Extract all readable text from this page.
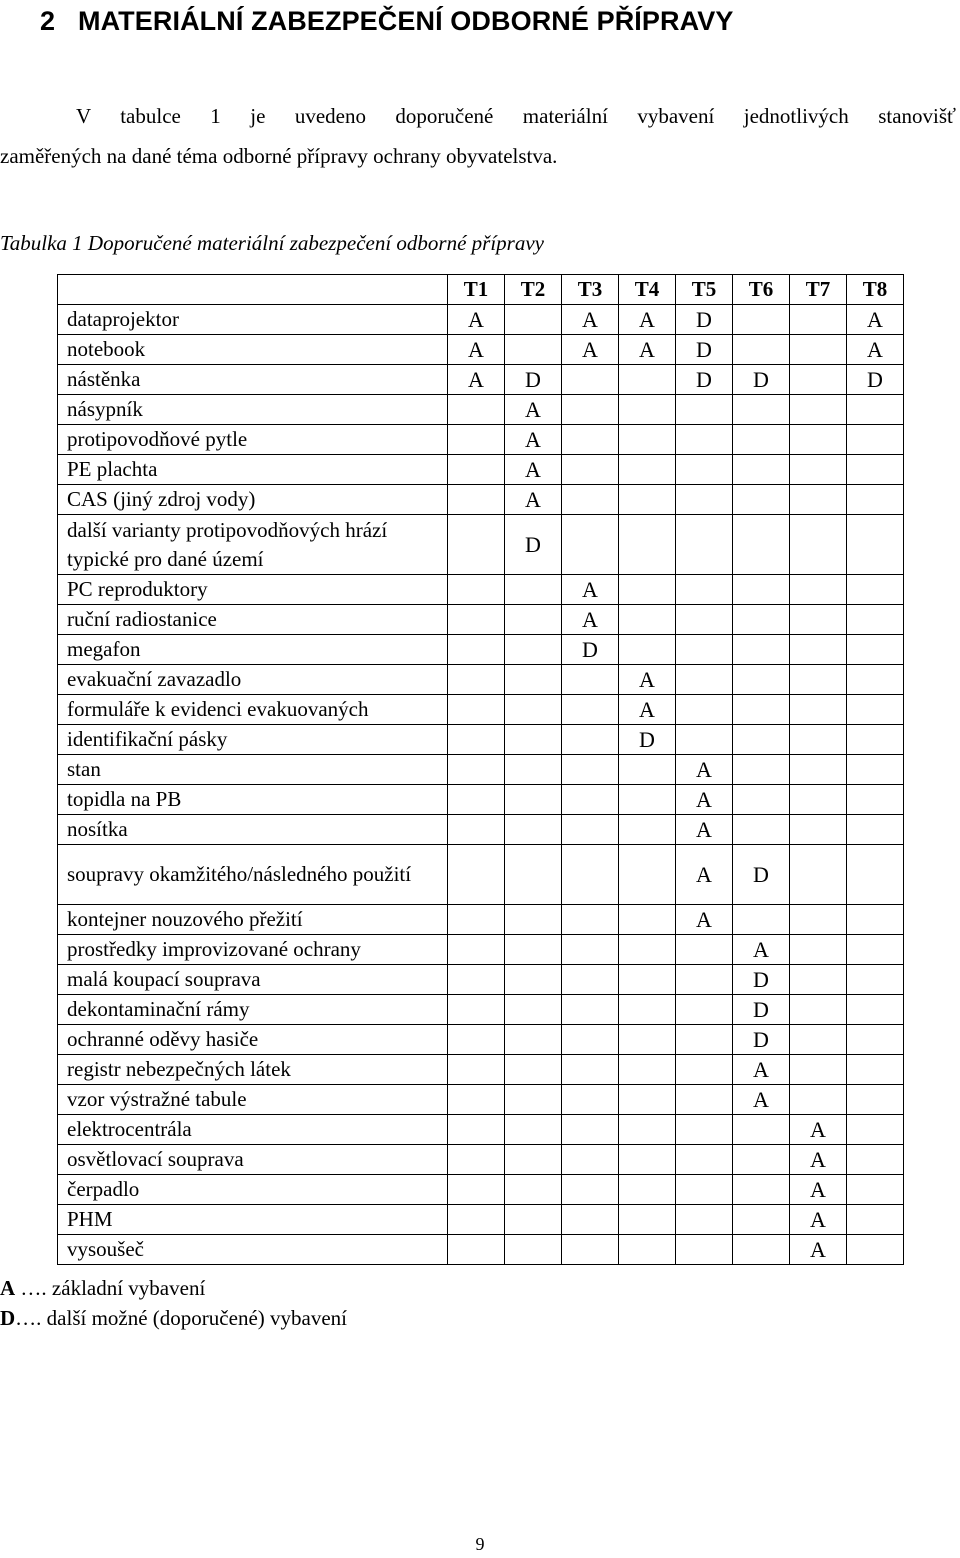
2 MATERIÁLNÍ ZABEZPEČENÍ ODBORNÉ PŘÍPRAVY
V tabulce 1 je uvedeno doporučené materiální vybavení jednotlivých stanovišť
zaměřených na dané téma odborné přípravy ochrany obyvatelstva.
Tabulka 1 Doporučené materiální zabezpečení odborné přípravy
	T1	T2	T3	T4	T5	T6	T7	T8
dataprojektor	A		A	A	D			A
notebook	A		A	A	D			A
nástěnka	A	D			D	D		D
násypník		A						
protipovodňové pytle		A						
PE plachta		A						
CAS (jiný zdroj vody)		A						
další varianty protipovodňových hrází typické pro dané území		D						
PC reproduktory			A					
ruční radiostanice			A					
megafon			D					
evakuační zavazadlo				A				
formuláře k evidenci evakuovaných				A				
identifikační pásky				D				
stan					A			
topidla na PB					A			
nosítka					A			
soupravy okamžitého/následného použití					A	D		
kontejner nouzového přežití					A			
prostředky improvizované ochrany						A		
malá koupací souprava						D		
dekontaminační rámy						D		
ochranné oděvy hasiče						D		
registr nebezpečných látek						A		
vzor výstražné tabule						A		
elektrocentrála							A	
osvětlovací souprava							A	
čerpadlo							A	
PHM							A	
vysoušeč							A	
A …. základní vybavení
D…. další možné (doporučené) vybavení
9
